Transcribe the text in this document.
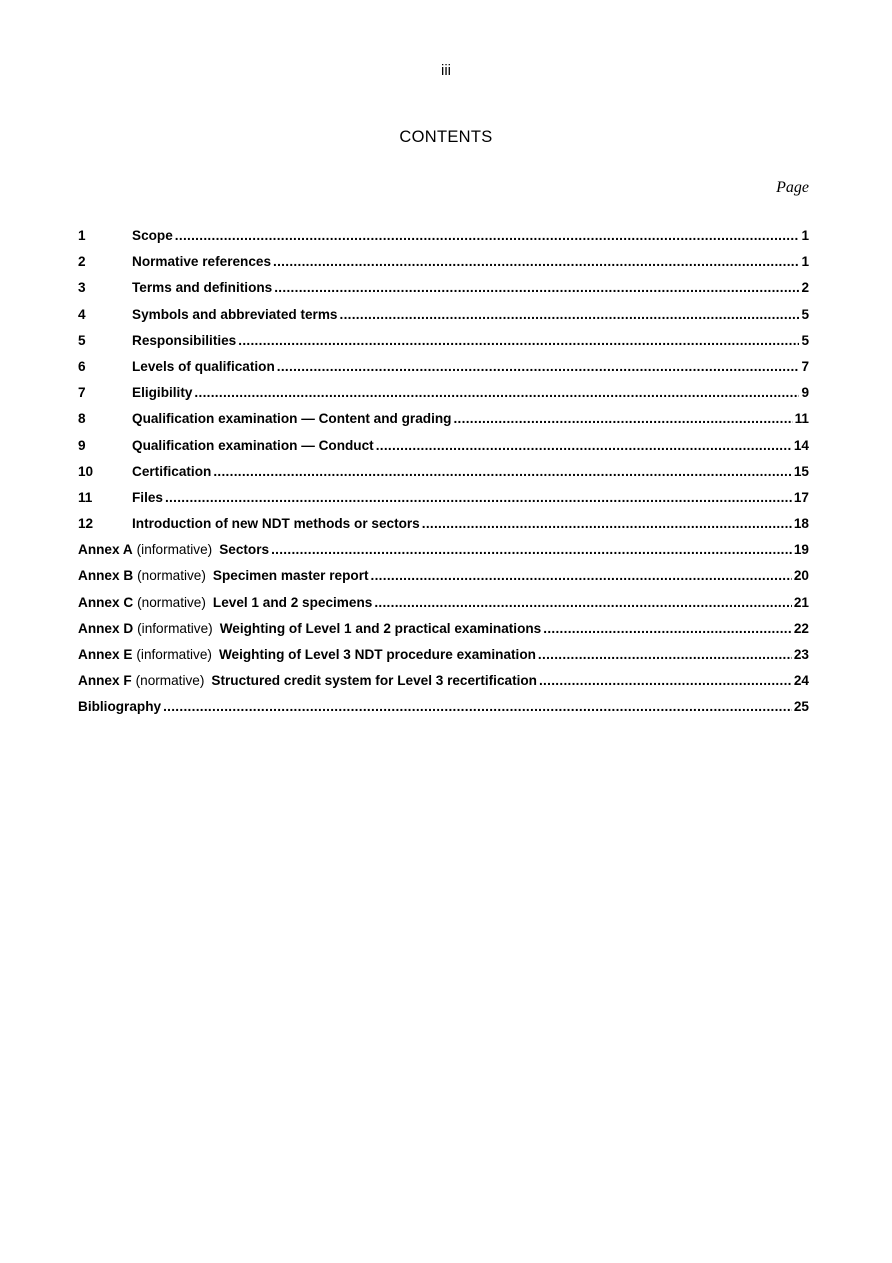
iii
CONTENTS
Page
1	Scope .....	1
2	Normative references .....	1
3	Terms and definitions .....	2
4	Symbols and abbreviated terms .....	5
5	Responsibilities .....	5
6	Levels of qualification .....	7
7	Eligibility .....	9
8	Qualification examination — Content and grading .....	11
9	Qualification examination — Conduct .....	14
10	Certification .....	15
11	Files .....	17
12	Introduction of new NDT methods or sectors .....	18
Annex A (informative) Sectors .....	19
Annex B (normative) Specimen master report .....	20
Annex C (normative) Level 1 and 2 specimens .....	21
Annex D (informative) Weighting of Level 1 and 2 practical examinations .....	22
Annex E (informative) Weighting of Level 3 NDT procedure examination .....	23
Annex F (normative) Structured credit system for Level 3 recertification .....	24
Bibliography .....	25
